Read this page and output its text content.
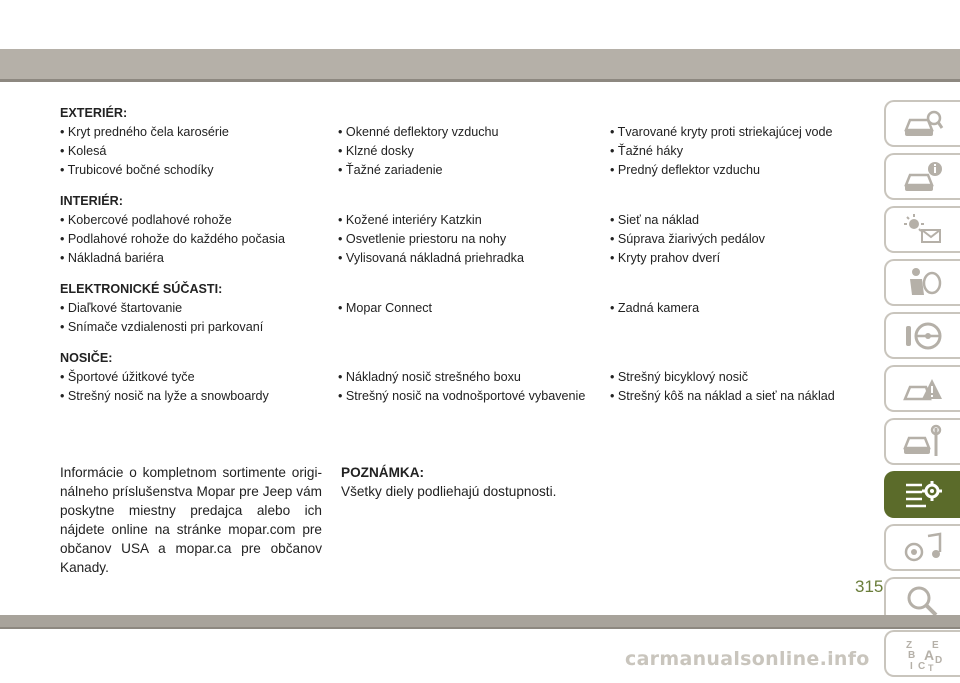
EXTERIÉR:
• Kryt predného čela karosérie	• Okenné deflektory vzduchu	• Tvarované kryty proti striekajúcej vode
• Kolesá	• Klzné dosky	• Ťažné háky
• Trubicové bočné schodíky	• Ťažné zariadenie	• Predný deflektor vzduchu
INTERIÉR:
• Kobercové podlahové rohože	• Kožené interiéry Katzkin	• Sieť na náklad
• Podlahové rohože do každého počasia	• Osvetlenie priestoru na nohy	• Súprava žiarivých pedálov
• Nákladná bariéra	• Vylisovaná nákladná priehradka	• Kryty prahov dverí
ELEKTRONICKÉ SÚČASTI:
• Diaľkové štartovanie	• Mopar Connect	• Zadná kamera
• Snímače vzdialenosti pri parkovaní
NOSIČE:
• Športové úžitkové tyče	• Nákladný nosič strešného boxu	• Strešný bicyklový nosič
• Strešný nosič na lyže a snowboardy	• Strešný nosič na vodnošportové vybavenie	• Strešný kôš na náklad a sieť na náklad
Informácie o kompletnom sortimente origi-nálneho príslušenstva Mopar pre Jeep vám poskytne miestny predajca alebo ich nájdete online na stránke mopar.com pre občanov USA a mopar.ca pre občanov Kanady.
POZNÁMKA:
Všetky diely podliehajú dostupnosti.
Z E
B A
I C
D
T
315
carmanualsonline.info
